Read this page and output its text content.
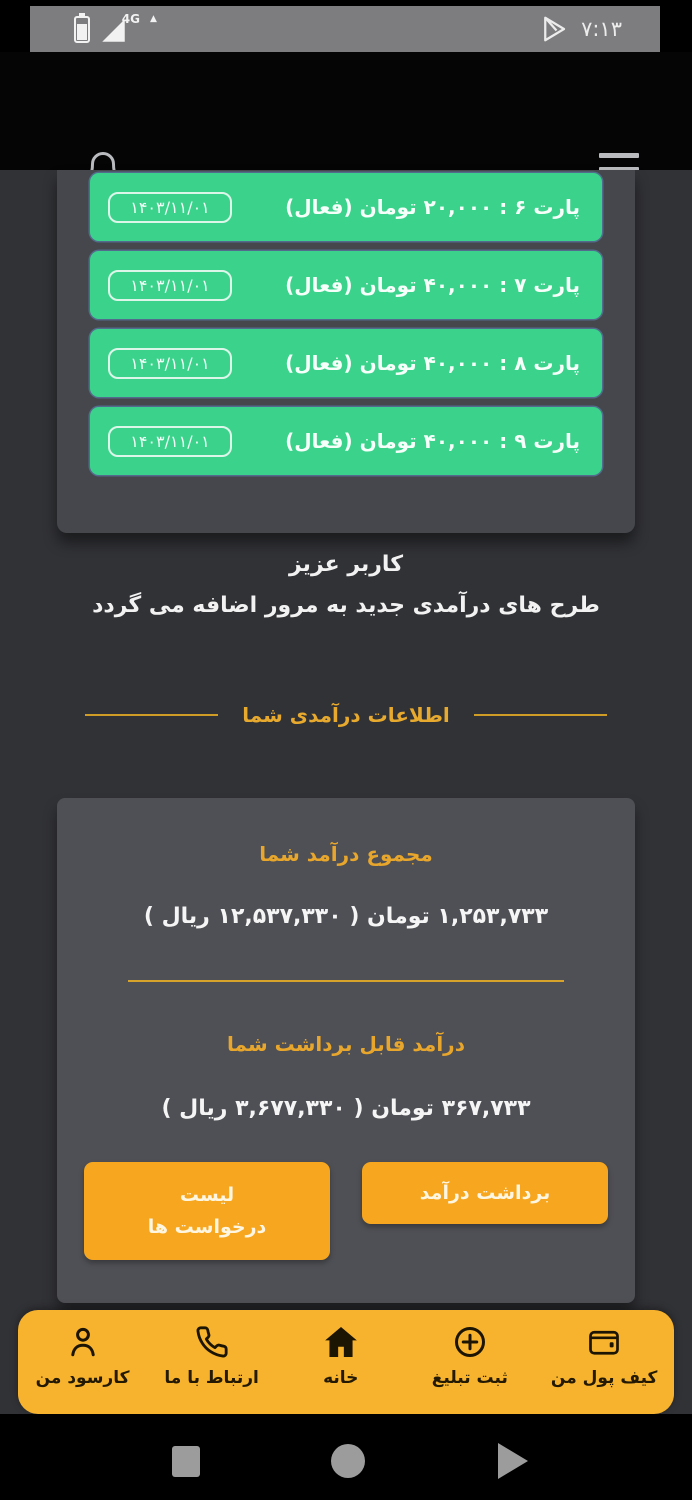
4G ▲	۷:۱۳
پارت ۶ : ۲۰,۰۰۰ تومان (فعال)
۱۴۰۳/۱۱/۰۱
پارت ۷ : ۴۰,۰۰۰ تومان (فعال)
۱۴۰۳/۱۱/۰۱
پارت ۸ : ۴۰,۰۰۰ تومان (فعال)
۱۴۰۳/۱۱/۰۱
پارت ۹ : ۴۰,۰۰۰ تومان (فعال)
۱۴۰۳/۱۱/۰۱
کاربر عزیز
طرح های درآمدی جدید به مرور اضافه می گردد
اطلاعات درآمدی شما
مجموع درآمد شما
۱,۲۵۳,۷۳۳ تومان ( ۱۲,۵۳۷,۳۳۰ ریال )
درآمد قابل برداشت شما
۳۶۷,۷۳۳ تومان ( ۳,۶۷۷,۳۳۰ ریال )
برداشت درآمد
لیست درخواست ها
کیف پول من
ثبت تبلیغ
خانه
ارتباط با ما
کارسود من
